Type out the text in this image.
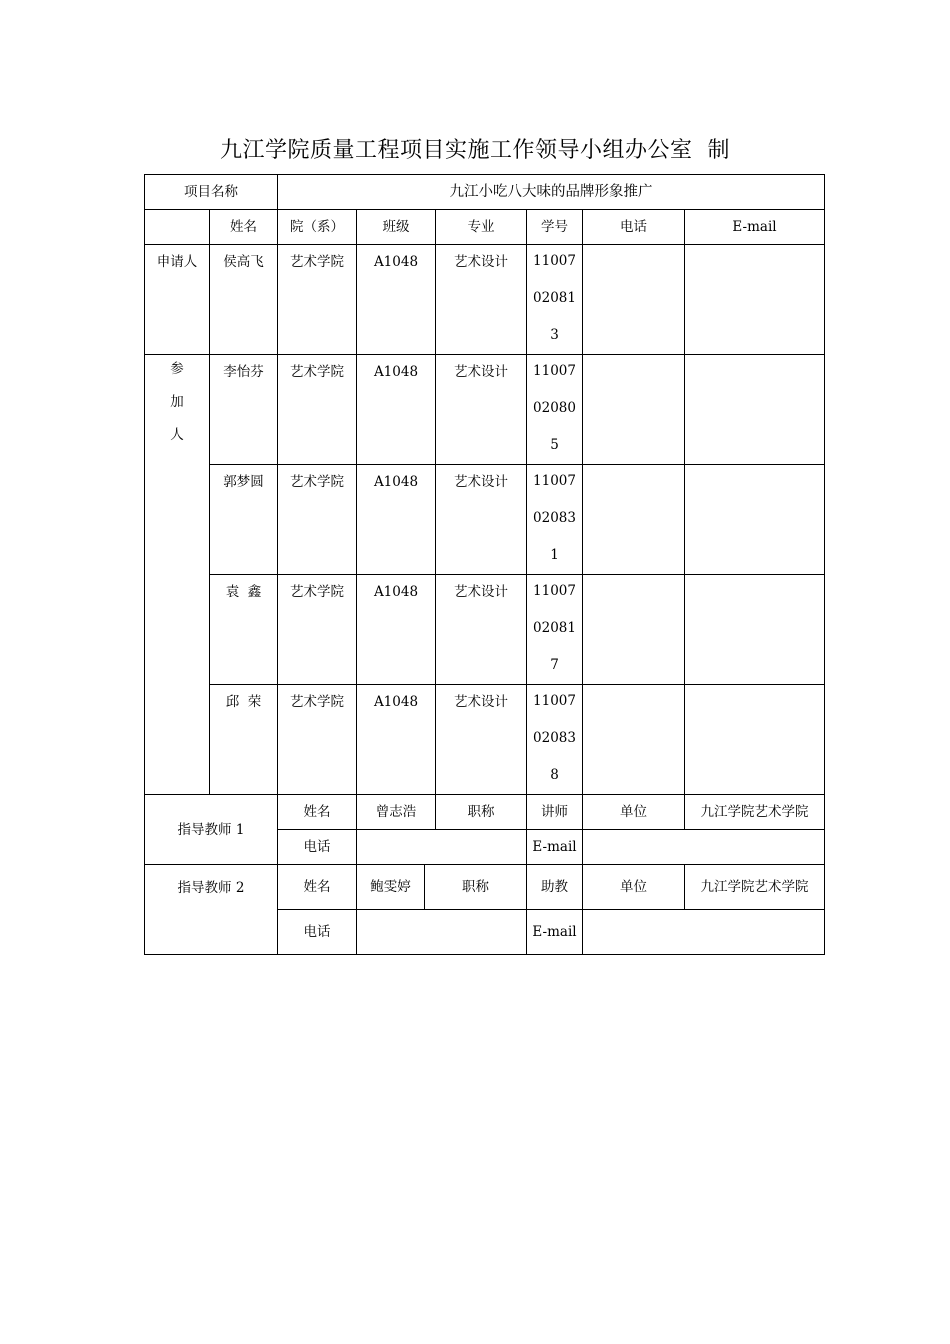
九江学院质量工程项目实施工作领导小组办公室  制
项目名称		九江小吃八大味的品牌形象推广						
	姓名	院（系）	班级		专业	学号	电话	E-mail
申请人	侯高飞	艺术学院	A1048		艺术设计	11007
02081
3		

参
加
人	李怡芬	艺术学院	A1048		艺术设计	11007
02080
5		

	郭梦圆	艺术学院	A1048		艺术设计	11007
02083
1		

	袁  鑫	艺术学院	A1048		艺术设计	11007
02081
7		

	邱  荣	艺术学院	A1048		艺术设计	11007
02083
8		

指导教师 1		姓名	曾志浩		职称	讲师	单位	九江学院艺术学院
		电话				E-mail		
指导教师 2		姓名	鲍雯婷	职称		助教	单位	九江学院艺术学院
		电话				E-mail		
